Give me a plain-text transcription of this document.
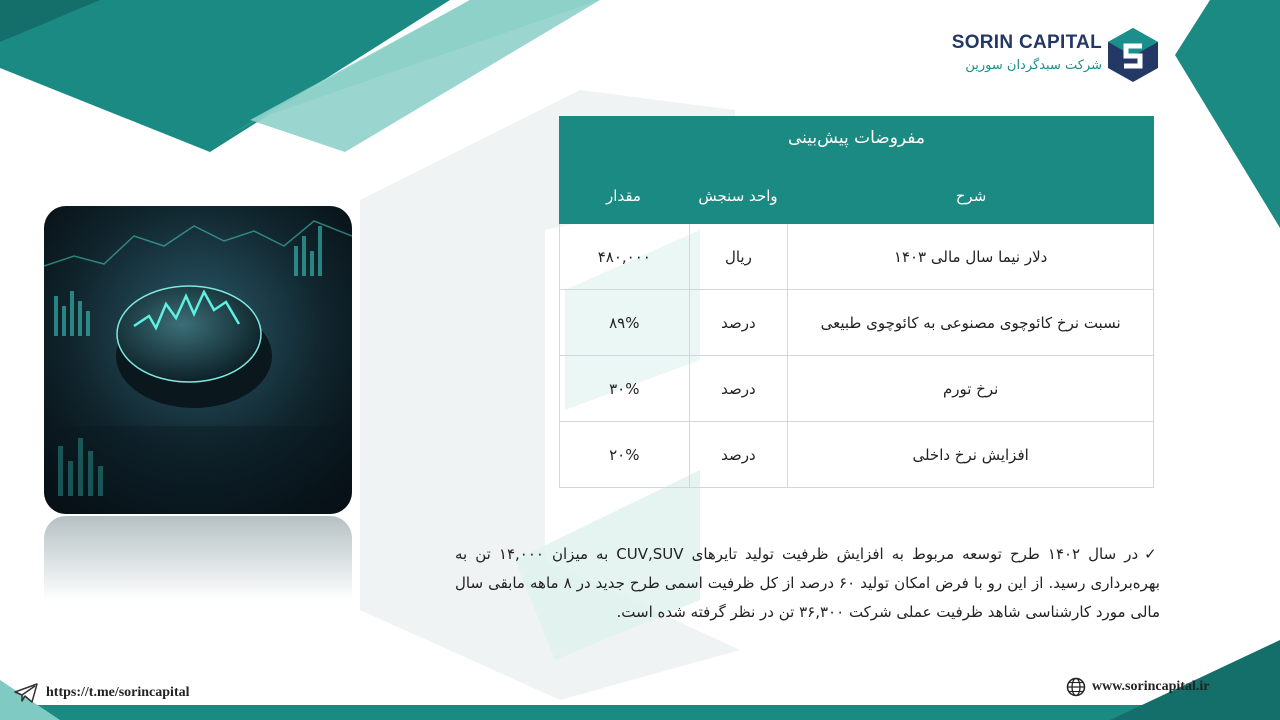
SORIN CAPITAL
شرکت سبدگردان سورین
مفروضات پیش‌بینی
مقدار	واحد سنجش	شرح
۴۸۰,۰۰۰	ریال	دلار نیما سال مالی ۱۴۰۳
۸۹%	درصد	نسبت نرخ کائوچوی مصنوعی به کائوچوی طبیعی
۳۰%	درصد	نرخ تورم
۲۰%	درصد	افزایش نرخ داخلی

✓در سال ۱۴۰۲ طرح توسعه مربوط به افزایش ظرفیت تولید تایرهای CUV,SUV به میزان ۱۴,۰۰۰ تن به بهره‌برداری رسید. از این رو با فرض امکان تولید ۶۰ درصد از کل ظرفیت اسمی طرح جدید در ۸ ماهه مابقی سال مالی مورد کارشناسی شاهد ظرفیت عملی شرکت ۳۶,۳۰۰ تن در نظر گرفته شده است.

https://t.me/sorincapital	www.sorincapital.ir
